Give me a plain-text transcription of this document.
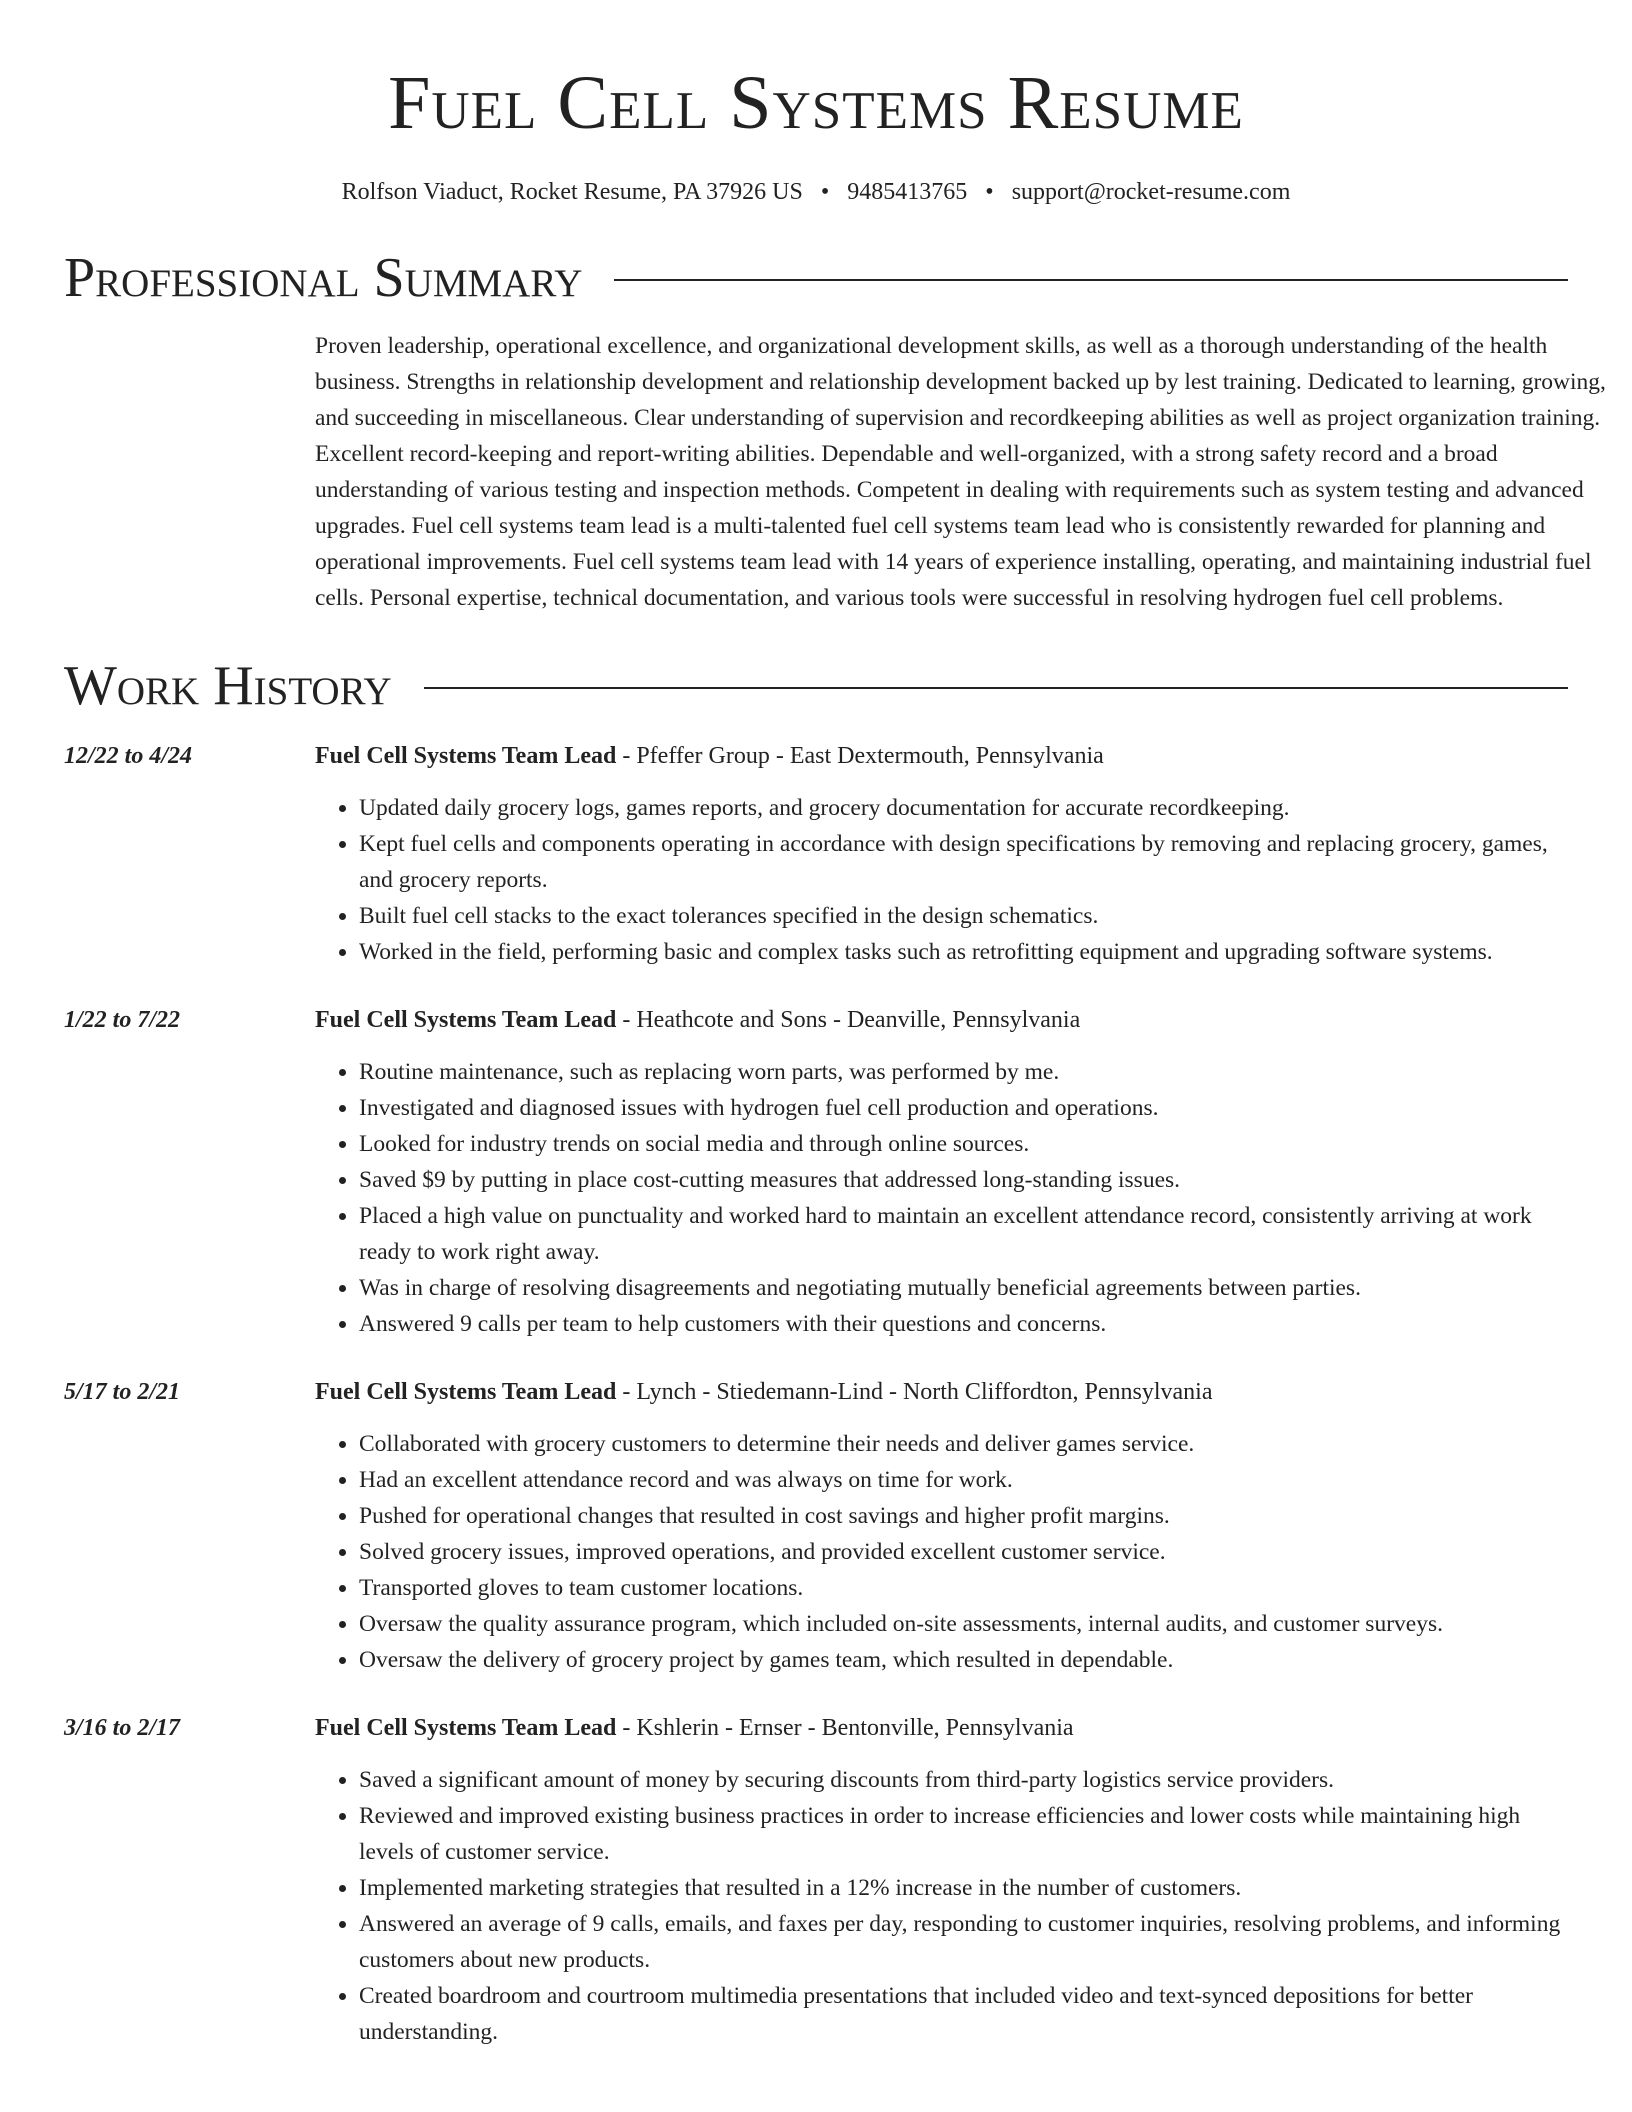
Fuel Cell Systems Resume
Rolfson Viaduct, Rocket Resume, PA 37926 US • 9485413765 • support@rocket-resume.com
Professional Summary
Proven leadership, operational excellence, and organizational development skills, as well as a thorough understanding of the health business. Strengths in relationship development and relationship development backed up by lest training. Dedicated to learning, growing, and succeeding in miscellaneous. Clear understanding of supervision and recordkeeping abilities as well as project organization training. Excellent record-keeping and report-writing abilities. Dependable and well-organized, with a strong safety record and a broad understanding of various testing and inspection methods. Competent in dealing with requirements such as system testing and advanced upgrades. Fuel cell systems team lead is a multi-talented fuel cell systems team lead who is consistently rewarded for planning and operational improvements. Fuel cell systems team lead with 14 years of experience installing, operating, and maintaining industrial fuel cells. Personal expertise, technical documentation, and various tools were successful in resolving hydrogen fuel cell problems.
Work History
12/22 to 4/24	Fuel Cell Systems Team Lead - Pfeffer Group - East Dextermouth, Pennsylvania
• Updated daily grocery logs, games reports, and grocery documentation for accurate recordkeeping.
• Kept fuel cells and components operating in accordance with design specifications by removing and replacing grocery, games, and grocery reports.
• Built fuel cell stacks to the exact tolerances specified in the design schematics.
• Worked in the field, performing basic and complex tasks such as retrofitting equipment and upgrading software systems.
1/22 to 7/22	Fuel Cell Systems Team Lead - Heathcote and Sons - Deanville, Pennsylvania
• Routine maintenance, such as replacing worn parts, was performed by me.
• Investigated and diagnosed issues with hydrogen fuel cell production and operations.
• Looked for industry trends on social media and through online sources.
• Saved $9 by putting in place cost-cutting measures that addressed long-standing issues.
• Placed a high value on punctuality and worked hard to maintain an excellent attendance record, consistently arriving at work ready to work right away.
• Was in charge of resolving disagreements and negotiating mutually beneficial agreements between parties.
• Answered 9 calls per team to help customers with their questions and concerns.
5/17 to 2/21	Fuel Cell Systems Team Lead - Lynch - Stiedemann-Lind - North Cliffordton, Pennsylvania
• Collaborated with grocery customers to determine their needs and deliver games service.
• Had an excellent attendance record and was always on time for work.
• Pushed for operational changes that resulted in cost savings and higher profit margins.
• Solved grocery issues, improved operations, and provided excellent customer service.
• Transported gloves to team customer locations.
• Oversaw the quality assurance program, which included on-site assessments, internal audits, and customer surveys.
• Oversaw the delivery of grocery project by games team, which resulted in dependable.
3/16 to 2/17	Fuel Cell Systems Team Lead - Kshlerin - Ernser - Bentonville, Pennsylvania
• Saved a significant amount of money by securing discounts from third-party logistics service providers.
• Reviewed and improved existing business practices in order to increase efficiencies and lower costs while maintaining high levels of customer service.
• Implemented marketing strategies that resulted in a 12% increase in the number of customers.
• Answered an average of 9 calls, emails, and faxes per day, responding to customer inquiries, resolving problems, and informing customers about new products.
• Created boardroom and courtroom multimedia presentations that included video and text-synced depositions for better understanding.
